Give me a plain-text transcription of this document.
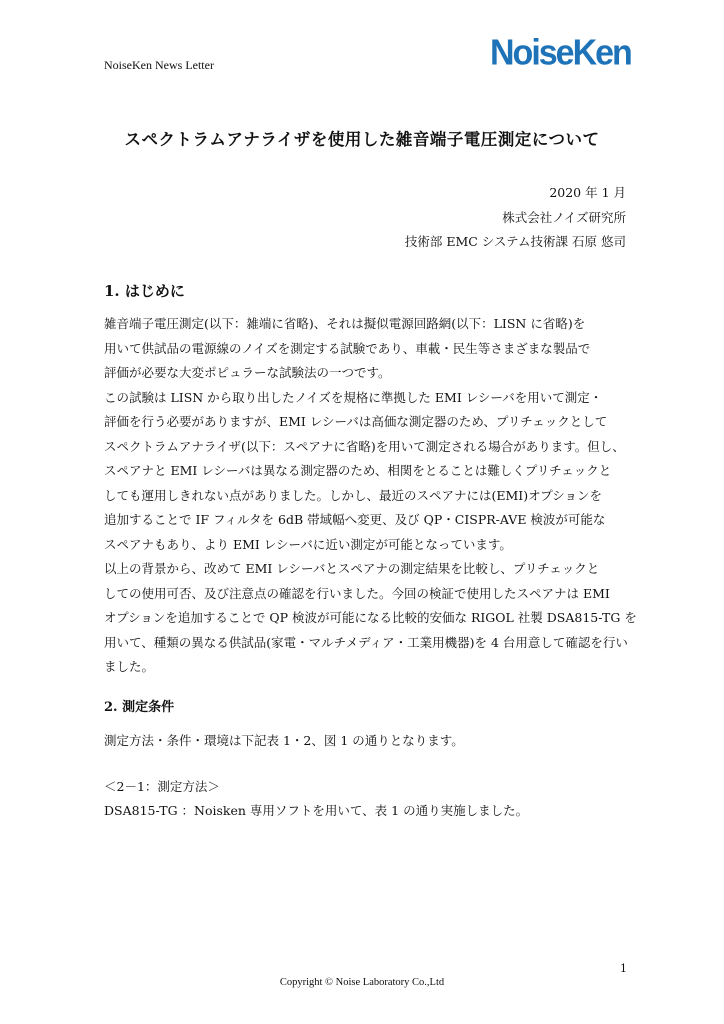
NoiseKen News Letter	NoiseKen
スペクトラムアナライザを使用した雑音端子電圧測定について
2020 年 1 月
株式会社ノイズ研究所
技術部 EMC システム技術課 石原 悠司
1. はじめに
雑音端子電圧測定(以下：雑端に省略)、それは擬似電源回路網(以下：LISN に省略)を
用いて供試品の電源線のノイズを測定する試験であり、車載・民生等さまざまな製品で
評価が必要な大変ポピュラーな試験法の一つです。
この試験は LISN から取り出したノイズを規格に準拠した EMI レシーバを用いて測定・
評価を行う必要がありますが、EMI レシーバは高価な測定器のため、プリチェックとして
スペクトラムアナライザ(以下：スペアナに省略)を用いて測定される場合があります。但し、
スペアナと EMI レシーバは異なる測定器のため、相関をとることは難しくプリチェックと
しても運用しきれない点がありました。しかし、最近のスペアナには(EMI)オプションを
追加することで IF フィルタを 6dB 帯域幅へ変更、及び QP・CISPR-AVE 検波が可能な
スペアナもあり、より EMI レシーバに近い測定が可能となっています。
以上の背景から、改めて EMI レシーバとスペアナの測定結果を比較し、プリチェックと
しての使用可否、及び注意点の確認を行いました。今回の検証で使用したスペアナは EMI
オプションを追加することで QP 検波が可能になる比較的安価な RIGOL 社製 DSA815-TG を
用いて、種類の異なる供試品(家電・マルチメディア・工業用機器)を 4 台用意して確認を行い
ました。
2. 測定条件
測定方法・条件・環境は下記表 1・2、図 1 の通りとなります。
＜2－1：測定方法＞
DSA815-TG ：Noisken 専用ソフトを用いて、表 1 の通り実施しました。
1
Copyright © Noise Laboratory Co.,Ltd
